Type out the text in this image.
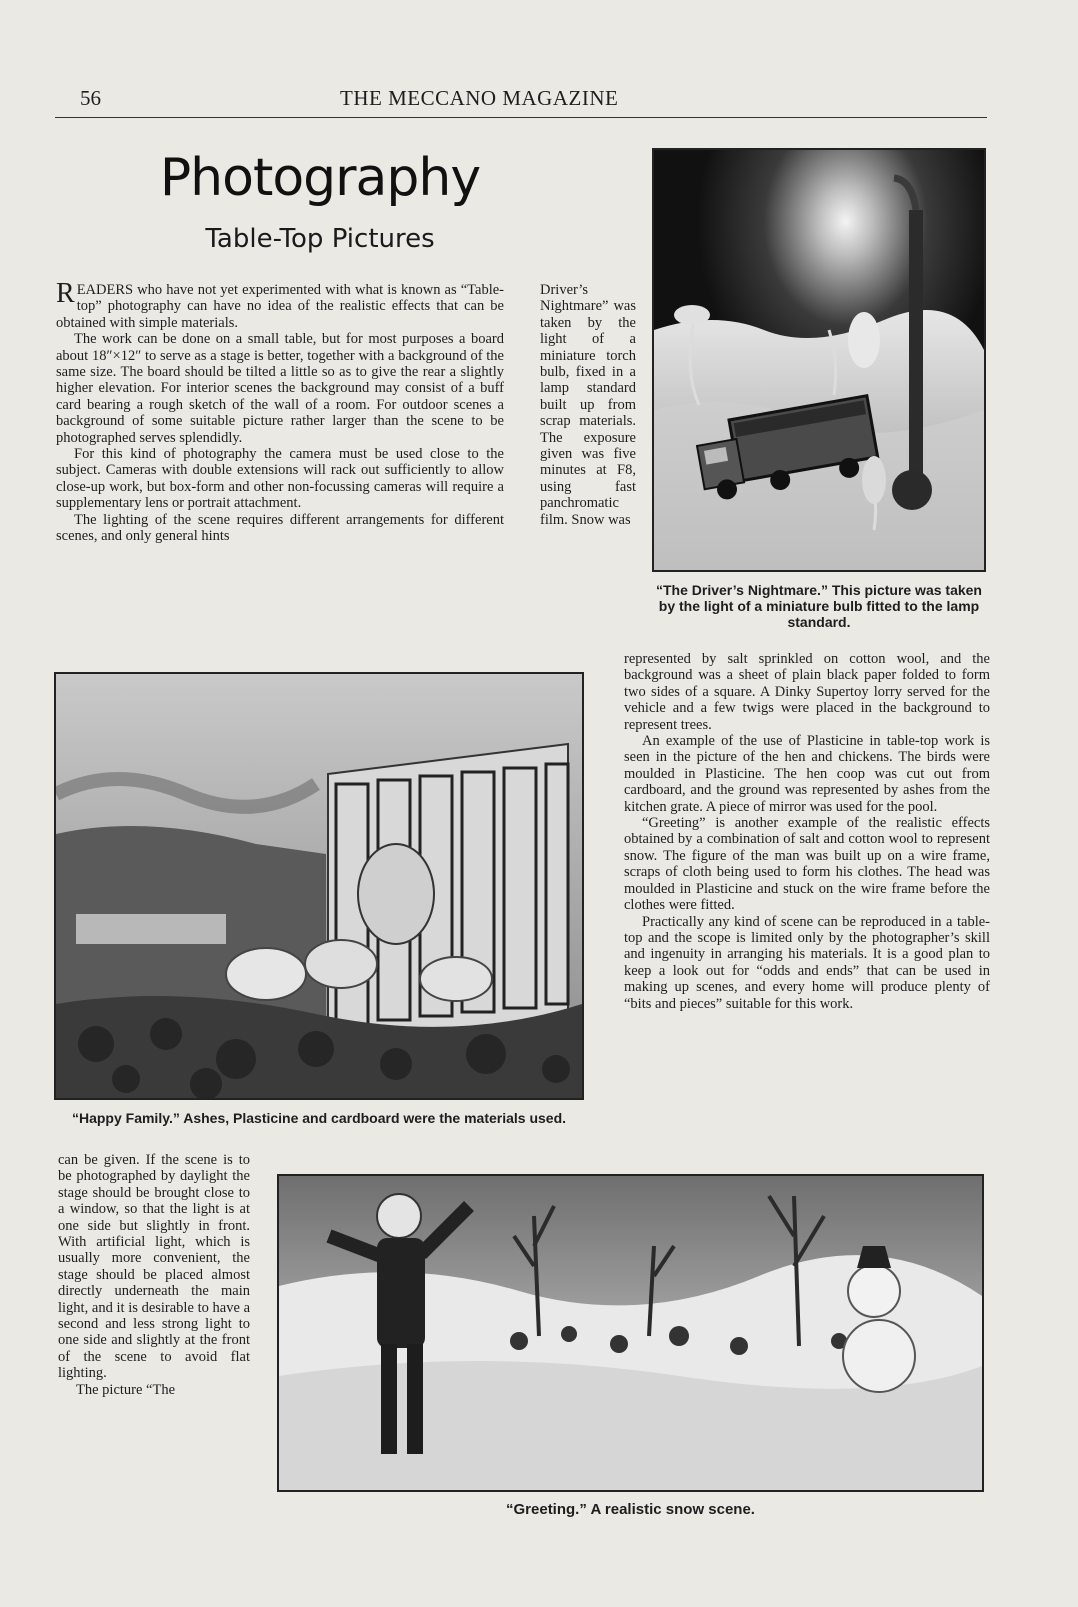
56	THE MECCANO MAGAZINE
Photography
Table-Top Pictures

READERS who have not yet experimented with what is known as “Table-top” photography can have no idea of the realistic effects that can be obtained with simple materials.

The work can be done on a small table, but for most purposes a board about 18″×12″ to serve as a stage is better, together with a background of the same size. The board should be tilted a little so as to give the rear a slightly higher elevation. For interior scenes the background may consist of a buff card bearing a rough sketch of the wall of a room. For outdoor scenes a background of some suitable picture rather larger than the scene to be photographed serves splendidly.

For this kind of photography the camera must be used close to the subject. Cameras with double extensions will rack out sufficiently to allow close-up work, but box-form and other non-focussing cameras will require a supplementary lens or portrait attachment.

The lighting of the scene requires different arrangements for different scenes, and only general hints

Driver’s Nightmare” was taken by the light of a miniature torch bulb, fixed in a lamp standard built up from scrap materials. The exposure given was five minutes at F8, using fast panchromatic film. Snow was

“The Driver’s Nightmare.” This picture was taken by the light of a miniature bulb fitted to the lamp standard.

represented by salt sprinkled on cotton wool, and the background was a sheet of plain black paper folded to form two sides of a square. A Dinky Supertoy lorry served for the vehicle and a few twigs were placed in the background to represent trees.

An example of the use of Plasticine in table-top work is seen in the picture of the hen and chickens. The birds were moulded in Plasticine. The hen coop was cut out from cardboard, and the ground was represented by ashes from the kitchen grate. A piece of mirror was used for the pool.

“Greeting” is another example of the realistic effects obtained by a combination of salt and cotton wool to represent snow. The figure of the man was built up on a wire frame, scraps of cloth being used to form his clothes. The head was moulded in Plasticine and stuck on the wire frame before the clothes were fitted.

Practically any kind of scene can be reproduced in a table-top and the scope is limited only by the photographer’s skill and ingenuity in arranging his materials. It is a good plan to keep a look out for “odds and ends” that can be used in making up scenes, and every home will produce plenty of “bits and pieces” suitable for this work.

“Happy Family.” Ashes, Plasticine and cardboard were the materials used.

can be given. If the scene is to be photographed by daylight the stage should be brought close to a window, so that the light is at one side but slightly in front. With artificial light, which is usually more convenient, the stage should be placed almost directly underneath the main light, and it is desirable to have a second and less strong light to one side and slightly at the front of the scene to avoid flat lighting.

The picture “The

“Greeting.” A realistic snow scene.
